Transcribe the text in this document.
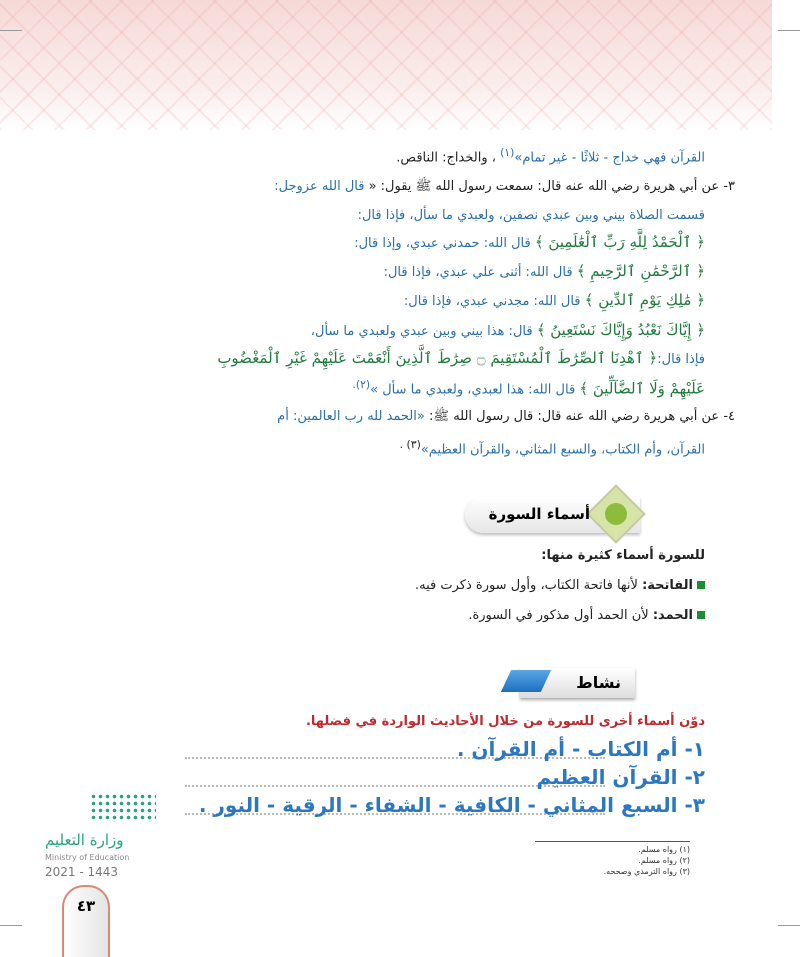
القرآن فهي خداج - ثلاثًا - غير تمام»$^{(١)}$ ، والخداج: الناقص.
٣- عن أبي هريرة رضي الله عنه قال: سمعت رسول الله ﷺ يقول: « قال الله عزوجل:
قسمت الصلاة بيني وبين عبدي نصفين، ولعبدي ما سأل، فإذا قال:
﴿ ٱلْحَمْدُ لِلَّهِ رَبِّ ٱلْعَٰلَمِينَ ﴾ قال الله: حمدني عبدي، وإذا قال:
﴿ ٱلرَّحْمَٰنِ ٱلرَّحِيمِ ﴾ قال الله: أثنى علي عبدي، فإذا قال:
﴿ مَٰلِكِ يَوْمِ ٱلدِّينِ ﴾ قال الله: مجدني عبدي، فإذا قال:
﴿ إِيَّاكَ نَعْبُدُ وَإِيَّاكَ نَسْتَعِينُ ﴾ قال: هذا بيني وبين عبدي ولعبدي ما سأل،
فإذا قال:﴿ ٱهْدِنَا ٱلصِّرَٰطَ ٱلْمُسْتَقِيمَ ۝ صِرَٰطَ ٱلَّذِينَ أَنْعَمْتَ عَلَيْهِمْ غَيْرِ ٱلْمَغْضُوبِ
عَلَيْهِمْ وَلَا ٱلضَّآلِّينَ ﴾ قال الله: هذا لعبدي، ولعبدي ما سأل »$^{(٢).}$
٤- عن أبي هريرة رضي الله عنه قال: قال رسول الله ﷺ: «الحمد لله رب العالمين: أم
القرآن، وأم الكتاب، والسبع المثاني، والقرآن العظيم»$^{(٣) .}$
أسماء السورة
للسورة أسماء كثيرة منها:
الفاتحة: لأنها فاتحة الكتاب، وأول سورة ذكرت فيه.
الحمد: لأن الحمد أول مذكور في السورة.
نشاط
دوّن أسماء أخرى للسورة من خلال الأحاديث الواردة في فضلها.
١- أم الكتاب - أم القرآن .
٢- القرآن العظيم
٣- السبع المثاني - الكافية - الشفاء - الرقية - النور .
(١) رواه مسلم.
(٢) رواه مسلم.
(٣) رواه الترمذي وصححه.
وزارة التعليم
Ministry of Education
2021 - 1443
٤٣
